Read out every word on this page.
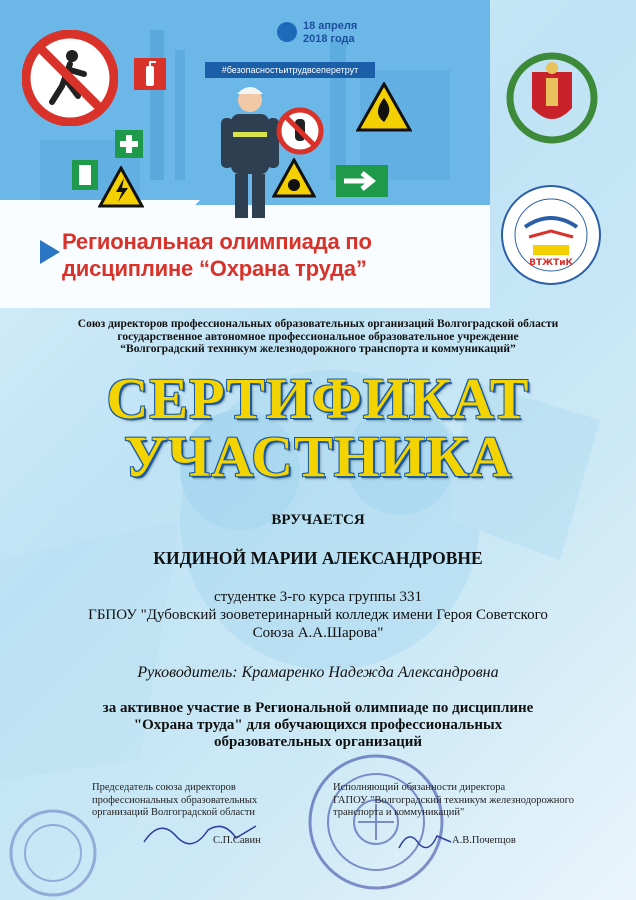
18 апреля
2018 года
#безопасностьитрудвсеперетрут
Региональная олимпиада по
дисциплине “Охрана труда”	ВТЖТиК
Союз директоров профессиональных образовательных организаций Волгоградской области
государственное автономное профессиональное образовательное учреждение
“Волгоградский техникум железнодорожного транспорта и коммуникаций”
СЕРТИФИКАТ
УЧАСТНИКА
ВРУЧАЕТСЯ
КИДИНОЙ МАРИИ АЛЕКСАНДРОВНЕ
студентке 3-го курса группы 331
ГБПОУ "Дубовский зооветеринарный колледж имени Героя Советского
Союза А.А.Шарова"
Руководитель: Крамаренко Надежда Александровна
за активное участие в Региональной олимпиаде по дисциплине
"Охрана труда" для обучающихся профессиональных
образовательных организаций
Председатель союза директоров
профессиональных образовательных
организаций Волгоградской области
С.П.Савин
Исполняющий обязанности директора
ГАПОУ "Волгоградский техникум железнодорожного
транспорта и коммуникаций"
А.В.Почепцов
